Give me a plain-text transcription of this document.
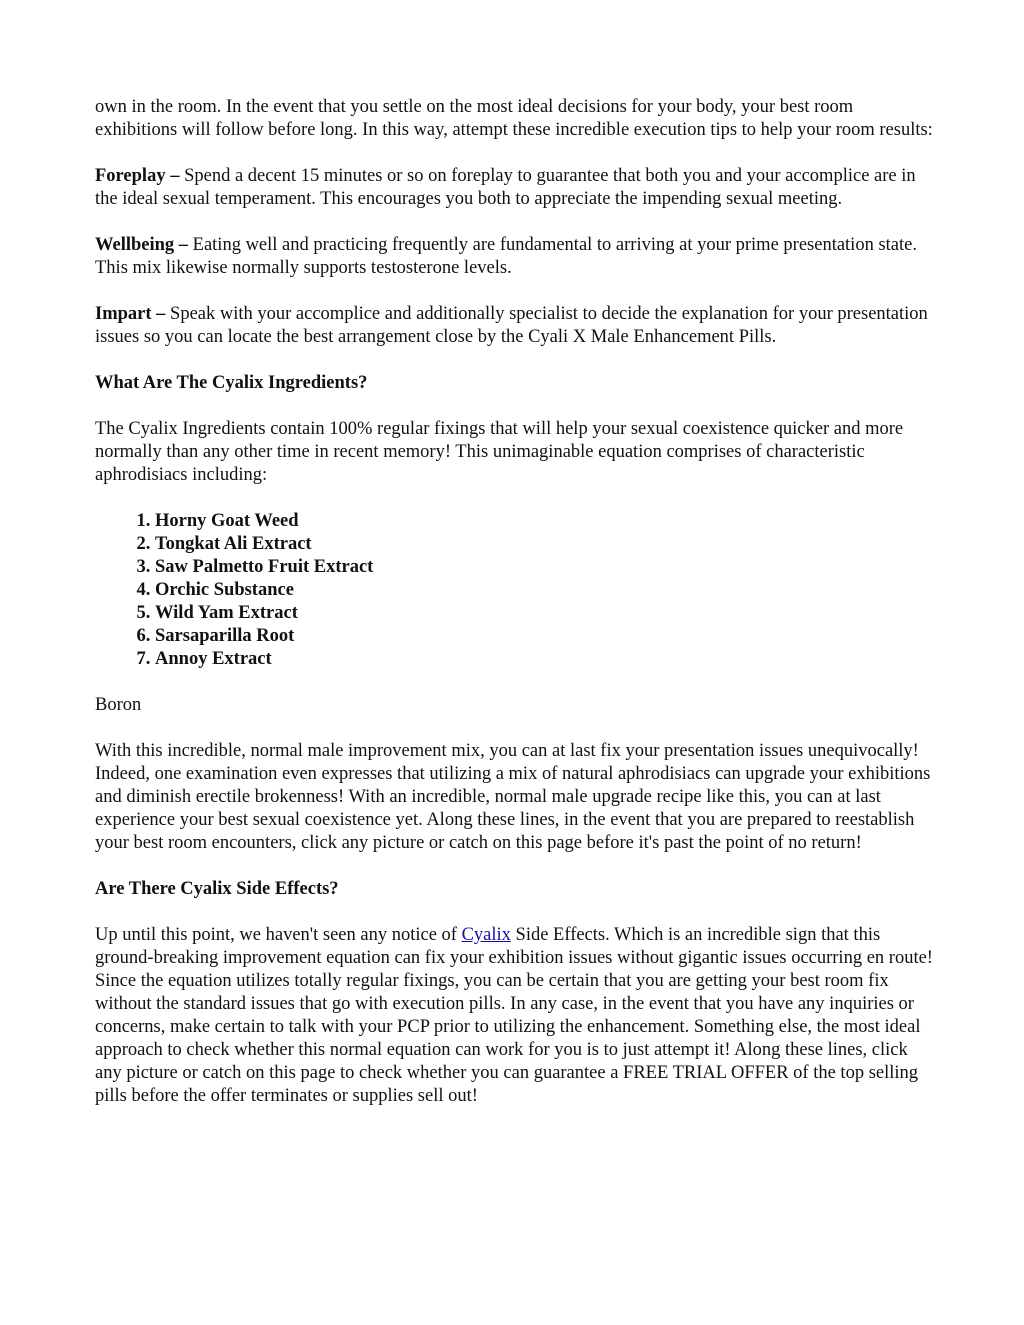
own in the room. In the event that you settle on the most ideal decisions for your body, your best room exhibitions will follow before long. In this way, attempt these incredible execution tips to help your room results:

Foreplay – Spend a decent 15 minutes or so on foreplay to guarantee that both you and your accomplice are in the ideal sexual temperament. This encourages you both to appreciate the impending sexual meeting.

Wellbeing – Eating well and practicing frequently are fundamental to arriving at your prime presentation state. This mix likewise normally supports testosterone levels.

Impart – Speak with your accomplice and additionally specialist to decide the explanation for your presentation issues so you can locate the best arrangement close by the Cyali X Male Enhancement Pills.

What Are The Cyalix Ingredients?

The Cyalix Ingredients contain 100% regular fixings that will help your sexual coexistence quicker and more normally than any other time in recent memory! This unimaginable equation comprises of characteristic aphrodisiacs including:

1. Horny Goat Weed
2. Tongkat Ali Extract
3. Saw Palmetto Fruit Extract
4. Orchic Substance
5. Wild Yam Extract
6. Sarsaparilla Root
7. Annoy Extract

Boron

With this incredible, normal male improvement mix, you can at last fix your presentation issues unequivocally! Indeed, one examination even expresses that utilizing a mix of natural aphrodisiacs can upgrade your exhibitions and diminish erectile brokenness! With an incredible, normal male upgrade recipe like this, you can at last experience your best sexual coexistence yet. Along these lines, in the event that you are prepared to reestablish your best room encounters, click any picture or catch on this page before it's past the point of no return!

Are There Cyalix Side Effects?

Up until this point, we haven't seen any notice of Cyalix Side Effects. Which is an incredible sign that this ground-breaking improvement equation can fix your exhibition issues without gigantic issues occurring en route! Since the equation utilizes totally regular fixings, you can be certain that you are getting your best room fix without the standard issues that go with execution pills. In any case, in the event that you have any inquiries or concerns, make certain to talk with your PCP prior to utilizing the enhancement. Something else, the most ideal approach to check whether this normal equation can work for you is to just attempt it! Along these lines, click any picture or catch on this page to check whether you can guarantee a FREE TRIAL OFFER of the top selling pills before the offer terminates or supplies sell out!
